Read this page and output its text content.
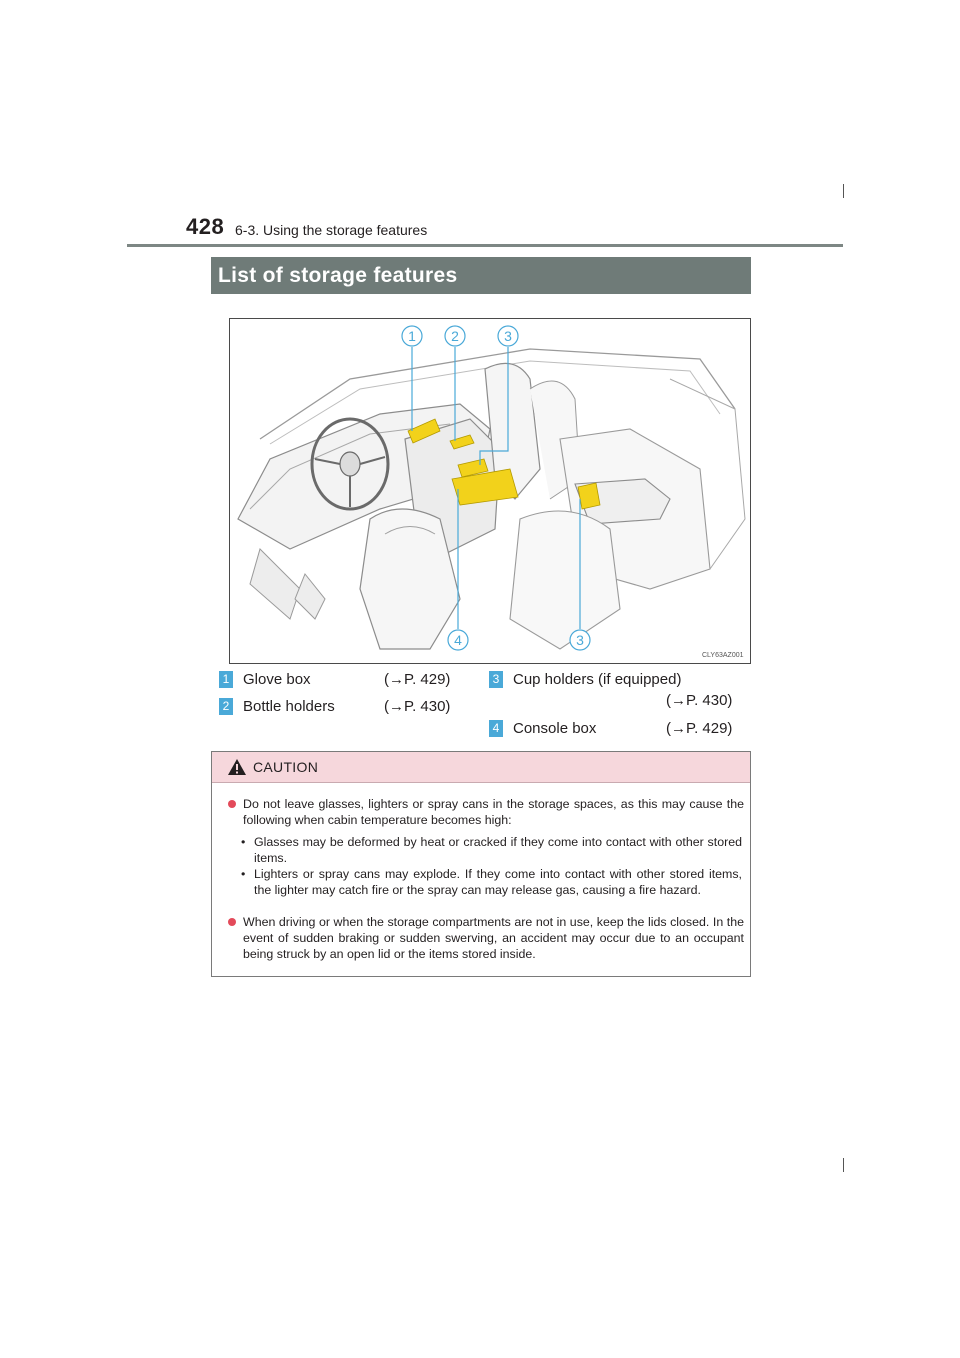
428 6-3. Using the storage features
List of storage features
1	2	3
4	3
CLY63AZ001
1 Glove box	(→P. 429)
2 Bottle holders	(→P. 430)
3 Cup holders (if equipped)
(→P. 430)
4 Console box	(→P. 429)
CAUTION
Do not leave glasses, lighters or spray cans in the storage spaces, as this may cause the following when cabin temperature becomes high:
• Glasses may be deformed by heat or cracked if they come into contact with other stored items.
• Lighters or spray cans may explode. If they come into contact with other stored items, the lighter may catch fire or the spray can may release gas, causing a fire hazard.
When driving or when the storage compartments are not in use, keep the lids closed. In the event of sudden braking or sudden swerving, an accident may occur due to an occupant being struck by an open lid or the items stored inside.
